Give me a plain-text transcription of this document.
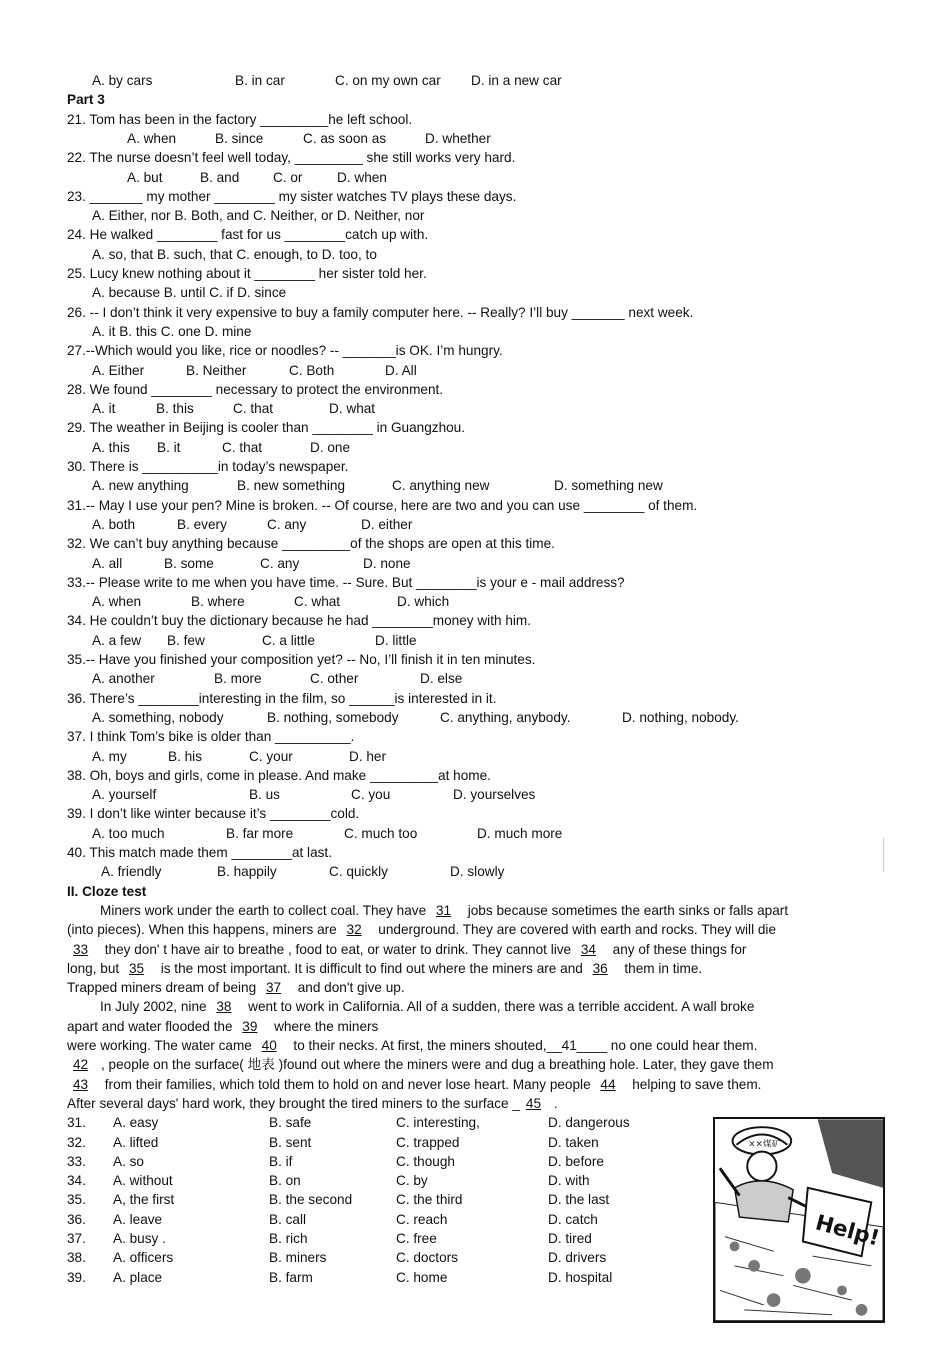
A. by cars	B. in car	C. on my own car D. in a new car
Part 3
21. Tom has been in the factory _________he left school.
A. when	B. since	C. as soon as	D. whether
22. The nurse doesn’t feel well today, _________ she still works very hard.
A. but	B. and C. or	D. when
23. _______ my mother ________ my sister watches TV plays these days.
A. Either, nor B. Both, and C. Neither, or D. Neither, nor
24. He walked ________ fast for us ________catch up with.
A. so, that B. such, that C. enough, to D. too, to
25. Lucy knew nothing about it ________ her sister told her.
A. because B. until C. if D. since
26. -- I don’t think it very expensive to buy a family computer here. -- Really? I’ll buy _______ next week.
A. it B. this C. one D. mine
27.--Which would you like, rice or noodles? -- _______is OK. I’m hungry.
A. Either	B. Neither	C. Both	D. All
28. We found ________ necessary to protect the environment.
A. it	B. this	C. that	D. what
29. The weather in Beijing is cooler than ________ in Guangzhou.
A. this B. it	C. that	D. one
30. There is __________in today’s newspaper.
A. new anything	B. new something	C. anything new	D. something new
31.-- May I use your pen? Mine is broken. -- Of course, here are two and you can use ________ of them.
A. both	B. every	C. any	D. either
32. We can’t buy anything because _________of the shops are open at this time.
A. all	B. some	C. any	D. none
33.-- Please write to me when you have time. -- Sure. But ________is your e - mail address?
A. when	B. where	C. what	D. which
34. He couldn’t buy the dictionary because he had ________money with him.
A. a few B. few	C. a little	D. little
35.-- Have you finished your composition yet? -- No, I’ll finish it in ten minutes.
A. another	B. more	C. other	D. else
36. There’s ________interesting in the film, so ______is interested in it.
A. something, nobody	B. nothing, somebody	C. anything, anybody.	D. nothing, nobody.
37. I think Tom’s bike is older than __________.
A. my	B. his	C. your	D. her
38. Oh, boys and girls, come in please. And make _________at home.
A. yourself	B. us	C. you	D. yourselves
39. I don’t like winter because it’s ________cold.
A. too much	B. far more	C. much too	D. much more
40. This match made them ________at last.
A. friendly	B. happily	C. quickly	D. slowly
II. Cloze test
Miners work under the earth to collect coal. They have 31 jobs because sometimes the earth sinks or falls apart
(into pieces). When this happens, miners are 32 underground. They are covered with earth and rocks. They will die
33 they don' t have air to breathe , food to eat, or water to drink. They cannot live 34 any of these things for
long, but 35 is the most important. It is difficult to find out where the miners are and 36 them in time.
Trapped miners dream of being 37 and don't give up.
In July 2002, nine 38 went to work in California. All of a sudden, there was a terrible accident. A wall broke
apart and water flooded the 39 where the miners
were working. The water came 40 to their necks. At first, the miners shouted,__41____ no one could hear them.
42 , people on the surface( 地表 )found out where the miners were and dug a breathing hole. Later, they gave them
43 from their families, which told them to hold on and never lose heart. Many people 44 helping to save them.
After several days' hard work, they brought the tired miners to the surface _ 45 .
31. A. easy	B. safe	C. interesting,	D. dangerous
32. A. lifted	B. sent	C. trapped	D. taken
33. A. so	B. if	C. though	D. before
34. A. without	B. on	C. by	D. with
35. A, the first	B. the second	C. the third	D. the last
36. A. leave	B. call	C. reach	D. catch
37. A. busy .	B. rich	C. free	D. tired
38. A. officers	B. miners	C. doctors	D. drivers
39. A. place	B. farm	C. home	D. hospital
××煤矿
Help!
